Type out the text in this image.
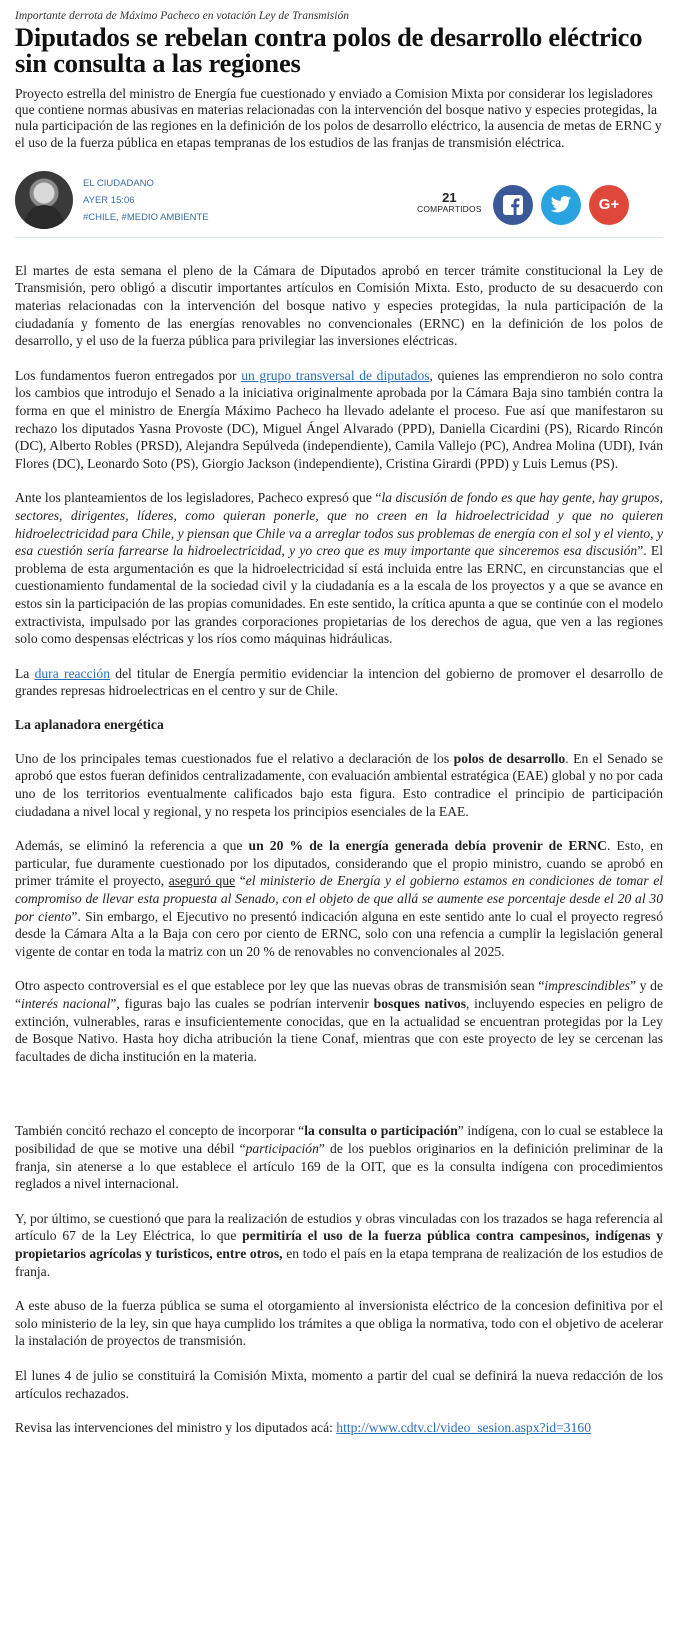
Importante derrota de Máximo Pacheco en votación Ley de Transmisión
Diputados se rebelan contra polos de desarrollo eléctrico sin consulta a las regiones
Proyecto estrella del ministro de Energía fue cuestionado y enviado a Comision Mixta por considerar los legisladores que contiene normas abusivas en materias relacionadas con la intervención del bosque nativo y especies protegidas, la nula participación de las regiones en la definición de los polos de desarrollo eléctrico, la ausencia de metas de ERNC y el uso de la fuerza pública en etapas tempranas de los estudios de las franjas de transmisión eléctrica.
EL CIUDADANO
AYER 15:06
#CHILE, #MEDIO AMBIENTE
21
COMPARTIDOS	G+

El martes de esta semana el pleno de la Cámara de Diputados aprobó en tercer trámite constitucional la Ley de Transmisión, pero obligó a discutir importantes artículos en Comisión Mixta. Esto, producto de su desacuerdo con materias relacionadas con la intervención del bosque nativo y especies protegidas, la nula participación de la ciudadanía y fomento de las energías renovables no convencionales (ERNC) en la definición de los polos de desarrollo, y el uso de la fuerza pública para privilegiar las inversiones eléctricas.

Los fundamentos fueron entregados por un grupo transversal de diputados, quienes las emprendieron no solo contra los cambios que introdujo el Senado a la iniciativa originalmente aprobada por la Cámara Baja sino también contra la forma en que el ministro de Energía Máximo Pacheco ha llevado adelante el proceso. Fue así que manifestaron su rechazo los diputados Yasna Provoste (DC), Miguel Ángel Alvarado (PPD), Daniella Cicardini (PS), Ricardo Rincón (DC), Alberto Robles (PRSD), Alejandra Sepúlveda (independiente), Camila Vallejo (PC), Andrea Molina (UDI), Iván Flores (DC), Leonardo Soto (PS), Giorgio Jackson (independiente), Cristina Girardi (PPD) y Luis Lemus (PS).

Ante los planteamientos de los legisladores, Pacheco expresó que “la discusión de fondo es que hay gente, hay grupos, sectores, dirigentes, líderes, como quieran ponerle, que no creen en la hidroelectricidad y que no quieren hidroelectricidad para Chile, y piensan que Chile va a arreglar todos sus problemas de energía con el sol y el viento, y esa cuestión sería farrearse la hidroelectricidad, y yo creo que es muy importante que sinceremos esa discusión”. El problema de esta argumentación es que la hidroelectricidad sí está incluida entre las ERNC, en circunstancias que el cuestionamiento fundamental de la sociedad civil y la ciudadanía es a la escala de los proyectos y a que se avance en estos sin la participación de las propias comunidades. En este sentido, la crítica apunta a que se continúe con el modelo extractivista, impulsado por las grandes corporaciones propietarias de los derechos de agua, que ven a las regiones solo como despensas eléctricas y los ríos como máquinas hidráulicas.

La dura reacción del titular de Energía permitio evidenciar la intencion del gobierno de promover el desarrollo de grandes represas hidroelectricas en el centro y sur de Chile.

La aplanadora energética

Uno de los principales temas cuestionados fue el relativo a declaración de los polos de desarrollo. En el Senado se aprobó que estos fueran definidos centralizadamente, con evaluación ambiental estratégica (EAE) global y no por cada uno de los territorios eventualmente calificados bajo esta figura. Esto contradice el principio de participación ciudadana a nivel local y regional, y no respeta los principios esenciales de la EAE.

Además, se eliminó la referencia a que un 20 % de la energía generada debía provenir de ERNC. Esto, en particular, fue duramente cuestionado por los diputados, considerando que el propio ministro, cuando se aprobó en primer trámite el proyecto, aseguró que “el ministerio de Energía y el gobierno estamos en condiciones de tomar el compromiso de llevar esta propuesta al Senado, con el objeto de que allá se aumente ese porcentaje desde el 20 al 30 por ciento”. Sin embargo, el Ejecutivo no presentó indicación alguna en este sentido ante lo cual el proyecto regresó desde la Cámara Alta a la Baja con cero por ciento de ERNC, solo con una refencia a cumplir la legislación general vigente de contar en toda la matriz con un 20 % de renovables no convencionales al 2025.

Otro aspecto controversial es el que establece por ley que las nuevas obras de transmisión sean “imprescindibles” y de “interés nacional”, figuras bajo las cuales se podrían intervenir bosques nativos, incluyendo especies en peligro de extinción, vulnerables, raras e insuficientemente conocidas, que en la actualidad se encuentran protegidas por la Ley de Bosque Nativo. Hasta hoy dicha atribución la tiene Conaf, mientras que con este proyecto de ley se cercenan las facultades de dicha institución en la materia.

También concitó rechazo el concepto de incorporar “la consulta o participación” indígena, con lo cual se establece la posibilidad de que se motive una débil “participación” de los pueblos originarios en la definición preliminar de la franja, sin atenerse a lo que establece el artículo 169 de la OIT, que es la consulta indígena con procedimientos reglados a nivel internacional.

Y, por último, se cuestionó que para la realización de estudios y obras vinculadas con los trazados se haga referencia al artículo 67 de la Ley Eléctrica, lo que permitiría el uso de la fuerza pública contra campesinos, indígenas y propietarios agrícolas y turisticos, entre otros, en todo el país en la etapa temprana de realización de los estudios de franja.

A este abuso de la fuerza pública se suma el otorgamiento al inversionista eléctrico de la concesion definitiva por el solo ministerio de la ley, sin que haya cumplido los trámites a que obliga la normativa, todo con el objetivo de acelerar la instalación de proyectos de transmisión.

El lunes 4 de julio se constituirá la Comisión Mixta, momento a partir del cual se definirá la nueva redacción de los artículos rechazados.

Revisa las intervenciones del ministro y los diputados acá: http://www.cdtv.cl/video_sesion.aspx?id=3160
